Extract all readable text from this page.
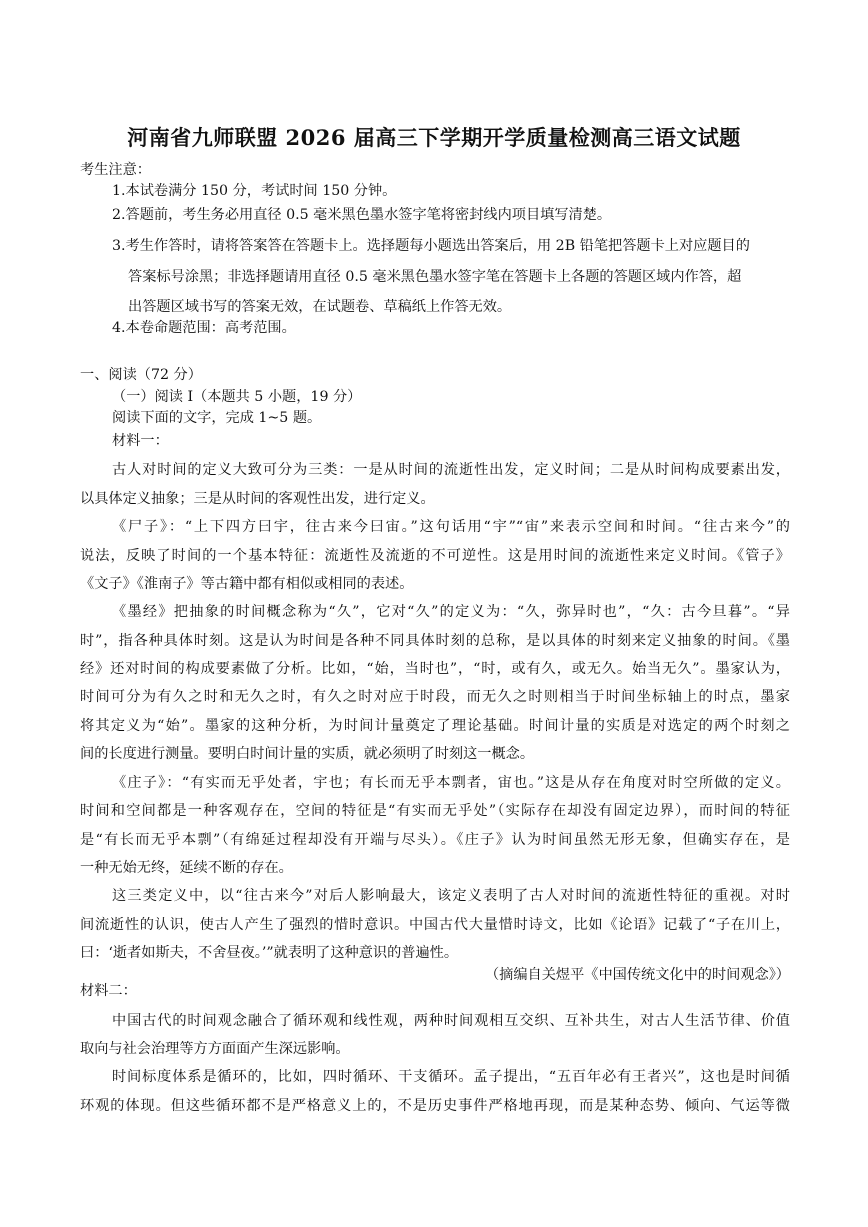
河南省九师联盟 2026 届高三下学期开学质量检测高三语文试题
考生注意：
1.本试卷满分 150 分，考试时间 150 分钟。
2.答题前，考生务必用直径 0.5 毫米黑色墨水签字笔将密封线内项目填写清楚。
3.考生作答时，请将答案答在答题卡上。选择题每小题选出答案后，用 2B 铅笔把答题卡上对应题目的
答案标号涂黑；非选择题请用直径 0.5 毫米黑色墨水签字笔在答题卡上各题的答题区域内作答，超
出答题区域书写的答案无效，在试题卷、草稿纸上作答无效。
4.本卷命题范围：高考范围。
一、阅读（72 分）
（一）阅读 I（本题共 5 小题，19 分）
阅读下面的文字，完成 1~5 题。
材料一：
古人对时间的定义大致可分为三类：一是从时间的流逝性出发，定义时间；二是从时间构成要素出发，
以具体定义抽象；三是从时间的客观性出发，进行定义。
《尸子》：“上下四方曰宇，往古来今曰宙。”这句话用“宇”“宙”来表示空间和时间。“往古来今”的
说法，反映了时间的一个基本特征：流逝性及流逝的不可逆性。这是用时间的流逝性来定义时间。《管子》
《文子》《淮南子》等古籍中都有相似或相同的表述。
《墨经》把抽象的时间概念称为“久”，它对“久”的定义为：“久，弥异时也”，“久：古今旦暮”。“异
时”，指各种具体时刻。这是认为时间是各种不同具体时刻的总称，是以具体的时刻来定义抽象的时间。《墨
经》还对时间的构成要素做了分析。比如，“始，当时也”，“时，或有久，或无久。始当无久”。墨家认为，
时间可分为有久之时和无久之时，有久之时对应于时段，而无久之时则相当于时间坐标轴上的时点，墨家
将其定义为“始”。墨家的这种分析，为时间计量奠定了理论基础。时间计量的实质是对选定的两个时刻之
间的长度进行测量。要明白时间计量的实质，就必须明了时刻这一概念。
《庄子》：“有实而无乎处者，宇也；有长而无乎本剽者，宙也。”这是从存在角度对时空所做的定义。
时间和空间都是一种客观存在，空间的特征是“有实而无乎处”（实际存在却没有固定边界），而时间的特征
是“有长而无乎本剽”（有绵延过程却没有开端与尽头）。《庄子》认为时间虽然无形无象，但确实存在，是
一种无始无终，延续不断的存在。
这三类定义中，以“往古来今”对后人影响最大，该定义表明了古人对时间的流逝性特征的重视。对时
间流逝性的认识，使古人产生了强烈的惜时意识。中国古代大量惜时诗文，比如《论语》记载了“子在川上，
曰：‘逝者如斯夫，不舍昼夜。’”就表明了这种意识的普遍性。
（摘编自关煜平《中国传统文化中的时间观念》）
材料二：
中国古代的时间观念融合了循环观和线性观，两种时间观相互交织、互补共生，对古人生活节律、价值
取向与社会治理等方方面面产生深远影响。
时间标度体系是循环的，比如，四时循环、干支循环。孟子提出，“五百年必有王者兴”，这也是时间循
环观的体现。但这些循环都不是严格意义上的，不是历史事件严格地再现，而是某种态势、倾向、气运等微
